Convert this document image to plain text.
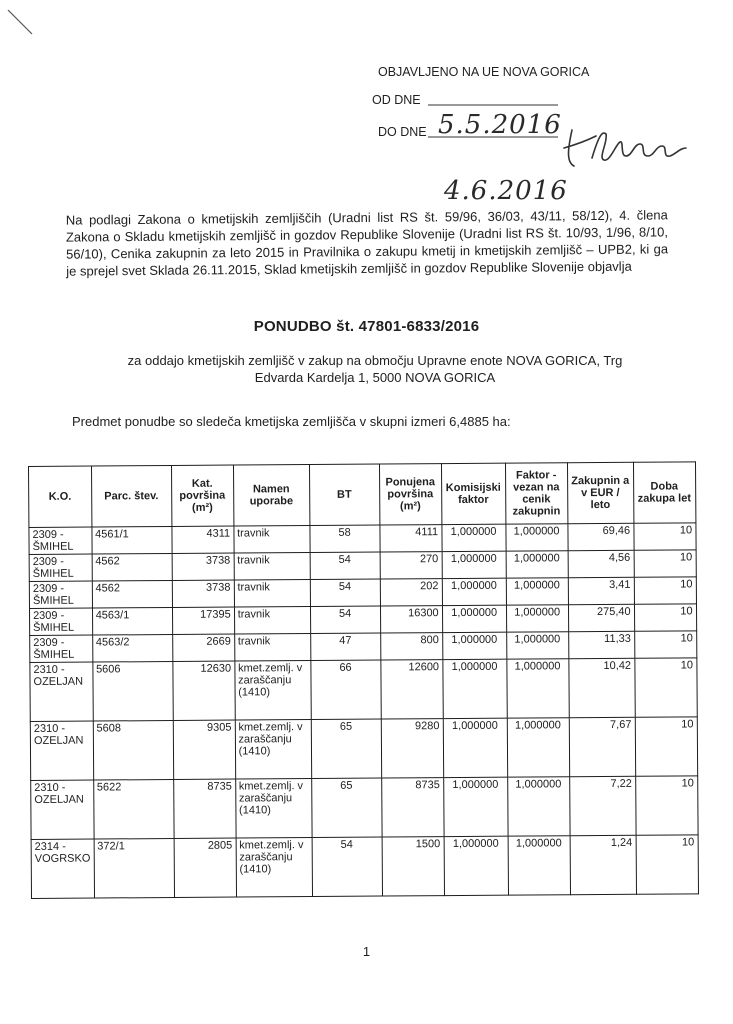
OBJAVLJENO NA UE NOVA GORICA
OD DNE
5.5.2016
DO DNE
4.6.2016

Na podlagi Zakona o kmetijskih zemljiščih (Uradni list RS št. 59/96, 36/03, 43/11, 58/12), 4. člena Zakona o Skladu kmetijskih zemljišč in gozdov Republike Slovenije (Uradni list RS št. 10/93, 1/96, 8/10, 56/10), Cenika zakupnin za leto 2015 in Pravilnika o zakupu kmetij in kmetijskih zemljišč – UPB2, ki ga je sprejel svet Sklada 26.11.2015, Sklad kmetijskih zemljišč in gozdov Republike Slovenije objavlja

PONUDBO št. 47801-6833/2016
za oddajo kmetijskih zemljišč v zakup na območju Upravne enote NOVA GORICA, Trg Edvarda Kardelja 1, 5000 NOVA GORICA
Predmet ponudbe so sledeča kmetijska zemljišča v skupni izmeri 6,4885 ha:
K.O.	Parc. štev.	Kat. površina (m²)	Namen uporabe	BT	Ponujena površina (m²)	Komisijski faktor	Faktor - vezan na cenik zakupnin	Zakupnin a v EUR / leto	Doba zakupa let
2309 - ŠMIHEL	4561/1	4311	travnik	58	4111	1,000000	1,000000	69,46	10
2309 - ŠMIHEL	4562	3738	travnik	54	270	1,000000	1,000000	4,56	10
2309 - ŠMIHEL	4562	3738	travnik	54	202	1,000000	1,000000	3,41	10
2309 - ŠMIHEL	4563/1	17395	travnik	54	16300	1,000000	1,000000	275,40	10
2309 - ŠMIHEL	4563/2	2669	travnik	47	800	1,000000	1,000000	11,33	10
2310 - OZELJAN	5606	12630	kmet.zemlj. v zaraščanju (1410)	66	12600	1,000000	1,000000	10,42	10
2310 - OZELJAN	5608	9305	kmet.zemlj. v zaraščanju (1410)	65	9280	1,000000	1,000000	7,67	10
2310 - OZELJAN	5622	8735	kmet.zemlj. v zaraščanju (1410)	65	8735	1,000000	1,000000	7,22	10
2314 - VOGRSKO	372/1	2805	kmet.zemlj. v zaraščanju (1410)	54	1500	1,000000	1,000000	1,24	10
1
